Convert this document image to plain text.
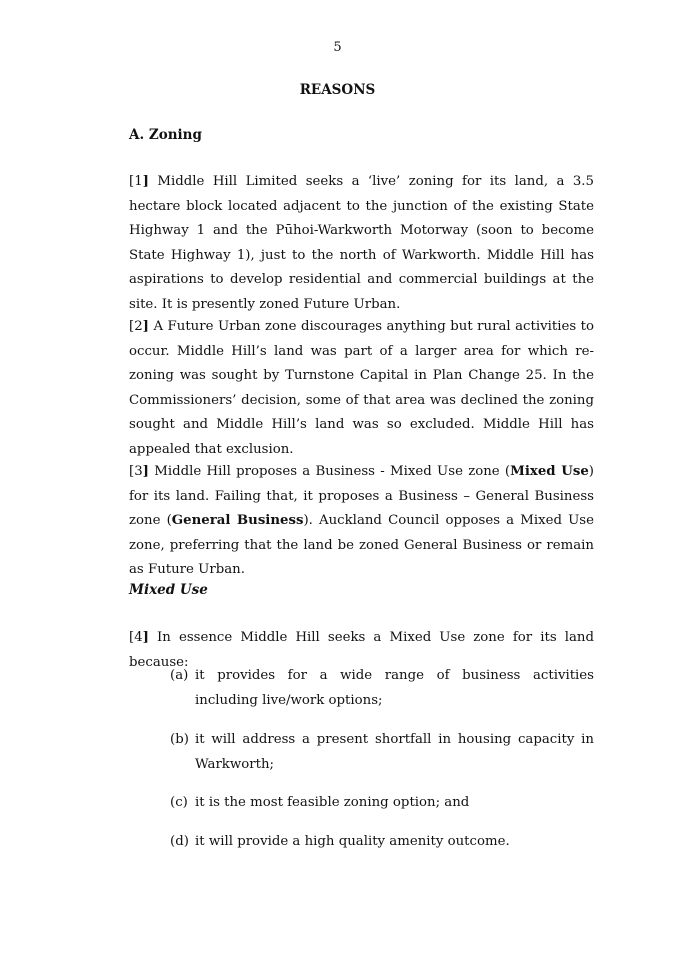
5
REASONS
A. Zoning

[1] Middle Hill Limited seeks a ‘live’ zoning for its land, a 3.5 hectare block located adjacent to the junction of the existing State Highway 1 and the Pūhoi-Warkworth Motorway (soon to become State Highway 1), just to the north of Warkworth. Middle Hill has aspirations to develop residential and commercial buildings at the site. It is presently zoned Future Urban.

[2] A Future Urban zone discourages anything but rural activities to occur. Middle Hill’s land was part of a larger area for which re-zoning was sought by Turnstone Capital in Plan Change 25. In the Commissioners’ decision, some of that area was declined the zoning sought and Middle Hill’s land was so excluded. Middle Hill has appealed that exclusion.

[3] Middle Hill proposes a Business - Mixed Use zone (Mixed Use) for its land. Failing that, it proposes a Business – General Business zone (General Business). Auckland Council opposes a Mixed Use zone, preferring that the land be zoned General Business or remain as Future Urban.

Mixed Use

[4] In essence Middle Hill seeks a Mixed Use zone for its land because:

(a) it provides for a wide range of business activities including live/work options;
(b) it will address a present shortfall in housing capacity in Warkworth;
(c) it is the most feasible zoning option; and
(d) it will provide a high quality amenity outcome.
